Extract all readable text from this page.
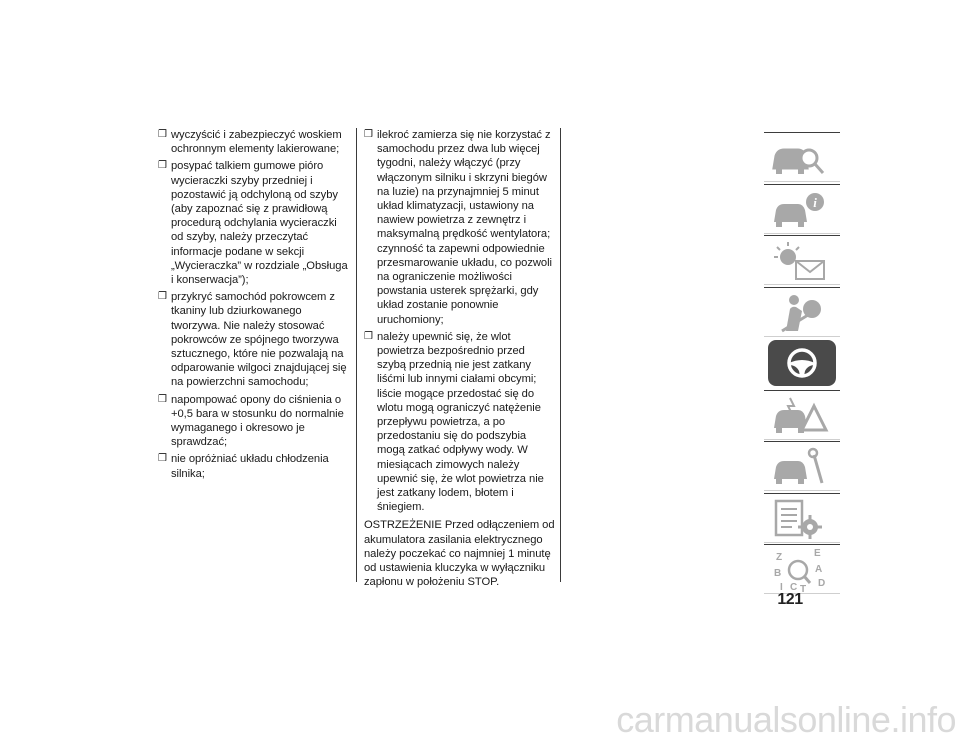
❒ wyczyścić i zabezpieczyć woskiem ochronnym elementy lakierowane;
❒ posypać talkiem gumowe pióro wycieraczki szyby przedniej i pozostawić ją odchyloną od szyby (aby zapoznać się z prawidłową procedurą odchylania wycieraczki od szyby, należy przeczytać informacje podane w sekcji „Wycieraczka” w rozdziale „Obsługa i konserwacja”);
❒ przykryć samochód pokrowcem z tkaniny lub dziurkowanego tworzywa. Nie należy stosować pokrowców ze spójnego tworzywa sztucznego, które nie pozwalają na odparowanie wilgoci znajdującej się na powierzchni samochodu;
❒ napompować opony do ciśnienia o +0,5 bara w stosunku do normalnie wymaganego i okresowo je sprawdzać;
❒ nie opróżniać układu chłodzenia silnika;
❒ ilekroć zamierza się nie korzystać z samochodu przez dwa lub więcej tygodni, należy włączyć (przy włączonym silniku i skrzyni biegów na luzie) na przynajmniej 5 minut układ klimatyzacji, ustawiony na nawiew powietrza z zewnętrz i maksymalną prędkość wentylatora; czynność ta zapewni odpowiednie przesmarowanie układu, co pozwoli na ograniczenie możliwości powstania usterek sprężarki, gdy układ zostanie ponownie uruchomiony;
❒ należy upewnić się, że wlot powietrza bezpośrednio przed szybą przednią nie jest zatkany liśćmi lub innymi ciałami obcymi; liście mogące przedostać się do wlotu mogą ograniczyć natężenie przepływu powietrza, a po przedostaniu się do podszybia mogą zatkać odpływy wody. W miesiącach zimowych należy upewnić się, że wlot powietrza nie jest zatkany lodem, błotem i śniegiem.

OSTRZEŻENIE Przed odłączeniem od akumulatora zasilania elektrycznego należy poczekać co najmniej 1 minutę od ustawienia kluczyka w wyłączniku zapłonu w położeniu STOP.

i
Z	E
B	A
I C T
D
121
carmanualsonline.info
